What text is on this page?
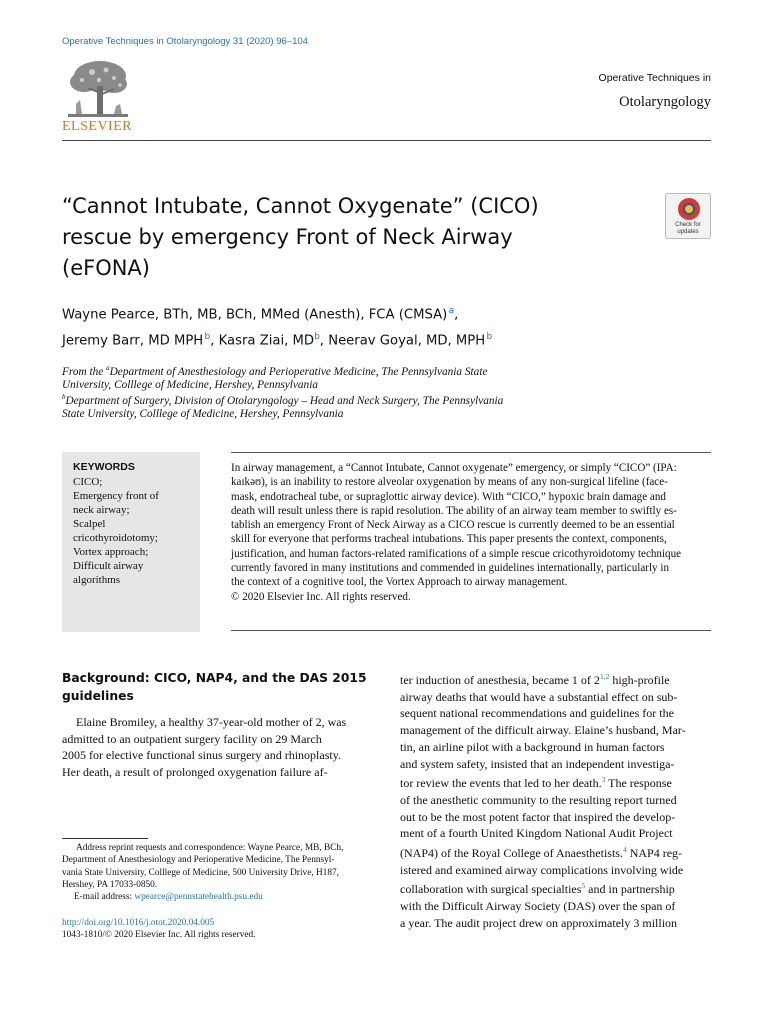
Operative Techniques in Otolaryngology 31 (2020) 96–104
ELSEVIER
Operative Techniques in
Otolaryngology
“Cannot Intubate, Cannot Oxygenate” (CICO)
rescue by emergency Front of Neck Airway
(eFONA)
Check for
updates
Wayne Pearce, BTh, MB, BCh, MMed (Anesth), FCA (CMSA) $^a$,
Jeremy Barr, MD MPH $^b$, Kasra Ziai, $MD^b$, Neerav Goyal, MD, MPH $^b$
From the $^a$Department of Anesthesiology and Perioperative Medicine, The Pennsylvania State
University, Colllege of Medicine, Hershey, Pennsylvania
$^b$Department of Surgery, Division of Otolaryngology – Head and Neck Surgery, The Pennsylvania
State University, Colllege of Medicine, Hershey, Pennsylvania
KEYWORDS
CICO;
Emergency front of
neck airway;
Scalpel
cricothyroidotomy;
Vortex approach;
Difficult airway
algorithms
In airway management, a “Cannot Intubate, Cannot oxygenate” emergency, or simply “CICO” (IPA:
kaɪkəʊ), is an inability to restore alveolar oxygenation by means of any non-surgical lifeline (face-
mask, endotracheal tube, or supraglottic airway device). With “CICO,” hypoxic brain damage and
death will result unless there is rapid resolution. The ability of an airway team member to swiftly es-
tablish an emergency Front of Neck Airway as a CICO rescue is currently deemed to be an essential
skill for everyone that performs tracheal intubations. This paper presents the context, components,
justification, and human factors-related ramifications of a simple rescue cricothyroidotomy technique
currently favored in many institutions and commended in guidelines internationally, particularly in
the context of a cognitive tool, the Vortex Approach to airway management.
© 2020 Elsevier Inc. All rights reserved.
Background: CICO, NAP4, and the DAS 2015
guidelines
Elaine Bromiley, a healthy 37-year-old mother of 2, was
admitted to an outpatient surgery facility on 29 March
2005 for elective functional sinus surgery and rhinoplasty.
Her death, a result of prolonged oxygenation failure af-
ter induction of anesthesia, became 1 of 2$^{1,2}$ high-profile
airway deaths that would have a substantial effect on sub-
sequent national recommendations and guidelines for the
management of the difficult airway. Elaine’s husband, Mar-
tin, an airline pilot with a background in human factors
and system safety, insisted that an independent investiga-
tor review the events that led to her death.$^3$ The response
of the anesthetic community to the resulting report turned
out to be the most potent factor that inspired the develop-
ment of a fourth United Kingdom National Audit Project
(NAP4) of the Royal College of Anaesthetists.$^4$ NAP4 reg-
istered and examined airway complications involving wide
collaboration with surgical specialties$^5$ and in partnership
with the Difficult Airway Society (DAS) over the span of
a year. The audit project drew on approximately 3 million
Address reprint requests and correspondence: Wayne Pearce, MB, BCh,
Department of Anesthesiology and Perioperative Medicine, The Pennsyl-
vania State University, Colllege of Medicine, 500 University Drive, H187,
Hershey, PA 17033-0850.
E-mail address: wpearce@pennstatehealth.psu.edu
http://doi.org/10.1016/j.otot.2020.04.005
1043-1810/© 2020 Elsevier Inc. All rights reserved.
